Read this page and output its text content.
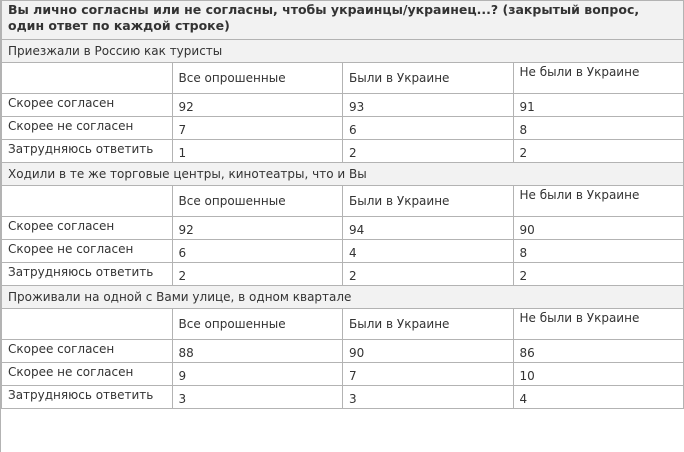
Вы лично согласны или не согласны, чтобы украинцы/украинец...? (закрытый вопрос, один ответ по каждой строке)			
Приезжали в Россию как туристы			
	Все опрошенные	Были в Украине	Не были в Украине
Скорее согласен	92	93	91
Скорее не согласен	7	6	8
Затрудняюсь ответить	1	2	2
Ходили в те же торговые центры, кинотеатры, что и Вы			
	Все опрошенные	Были в Украине	Не были в Украине
Скорее согласен	92	94	90
Скорее не согласен	6	4	8
Затрудняюсь ответить	2	2	2
Проживали на одной с Вами улице, в одном квартале			
	Все опрошенные	Были в Украине	Не были в Украине
Скорее согласен	88	90	86
Скорее не согласен	9	7	10
Затрудняюсь ответить	3	3	4
